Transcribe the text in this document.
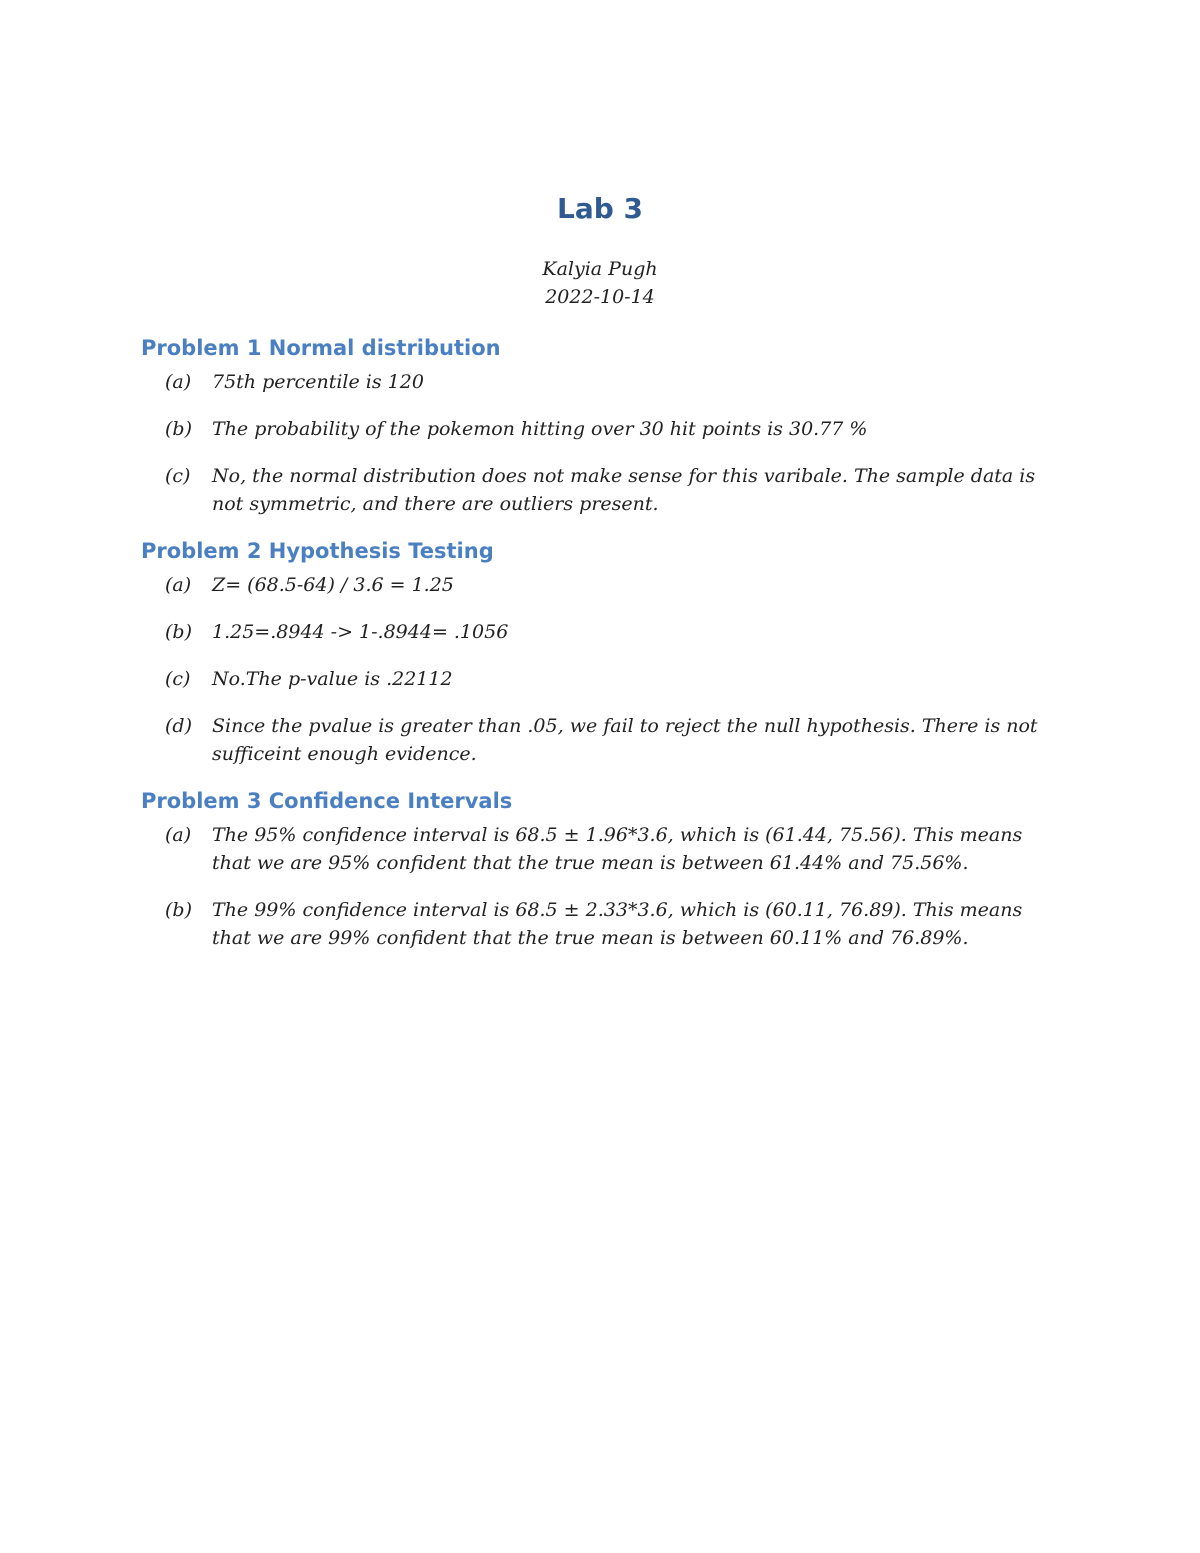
Lab 3
Kalyia Pugh
2022-10-14
Problem 1 Normal distribution
(a) 75th percentile is 120
(b) The probability of the pokemon hitting over 30 hit points is 30.77 %
(c) No, the normal distribution does not make sense for this varibale. The sample data is not symmetric, and there are outliers present.
Problem 2 Hypothesis Testing
(a) Z= (68.5-64) / 3.6 = 1.25
(b) 1.25=.8944 -> 1-.8944= .1056
(c) No.The p-value is .22112
(d) Since the pvalue is greater than .05, we fail to reject the null hypothesis. There is not sufficeint enough evidence.
Problem 3 Confidence Intervals
(a) The 95% confidence interval is 68.5 ± 1.96*3.6, which is (61.44, 75.56). This means that we are 95% confident that the true mean is between 61.44% and 75.56%.
(b) The 99% confidence interval is 68.5 ± 2.33*3.6, which is (60.11, 76.89). This means that we are 99% confident that the true mean is between 60.11% and 76.89%.
